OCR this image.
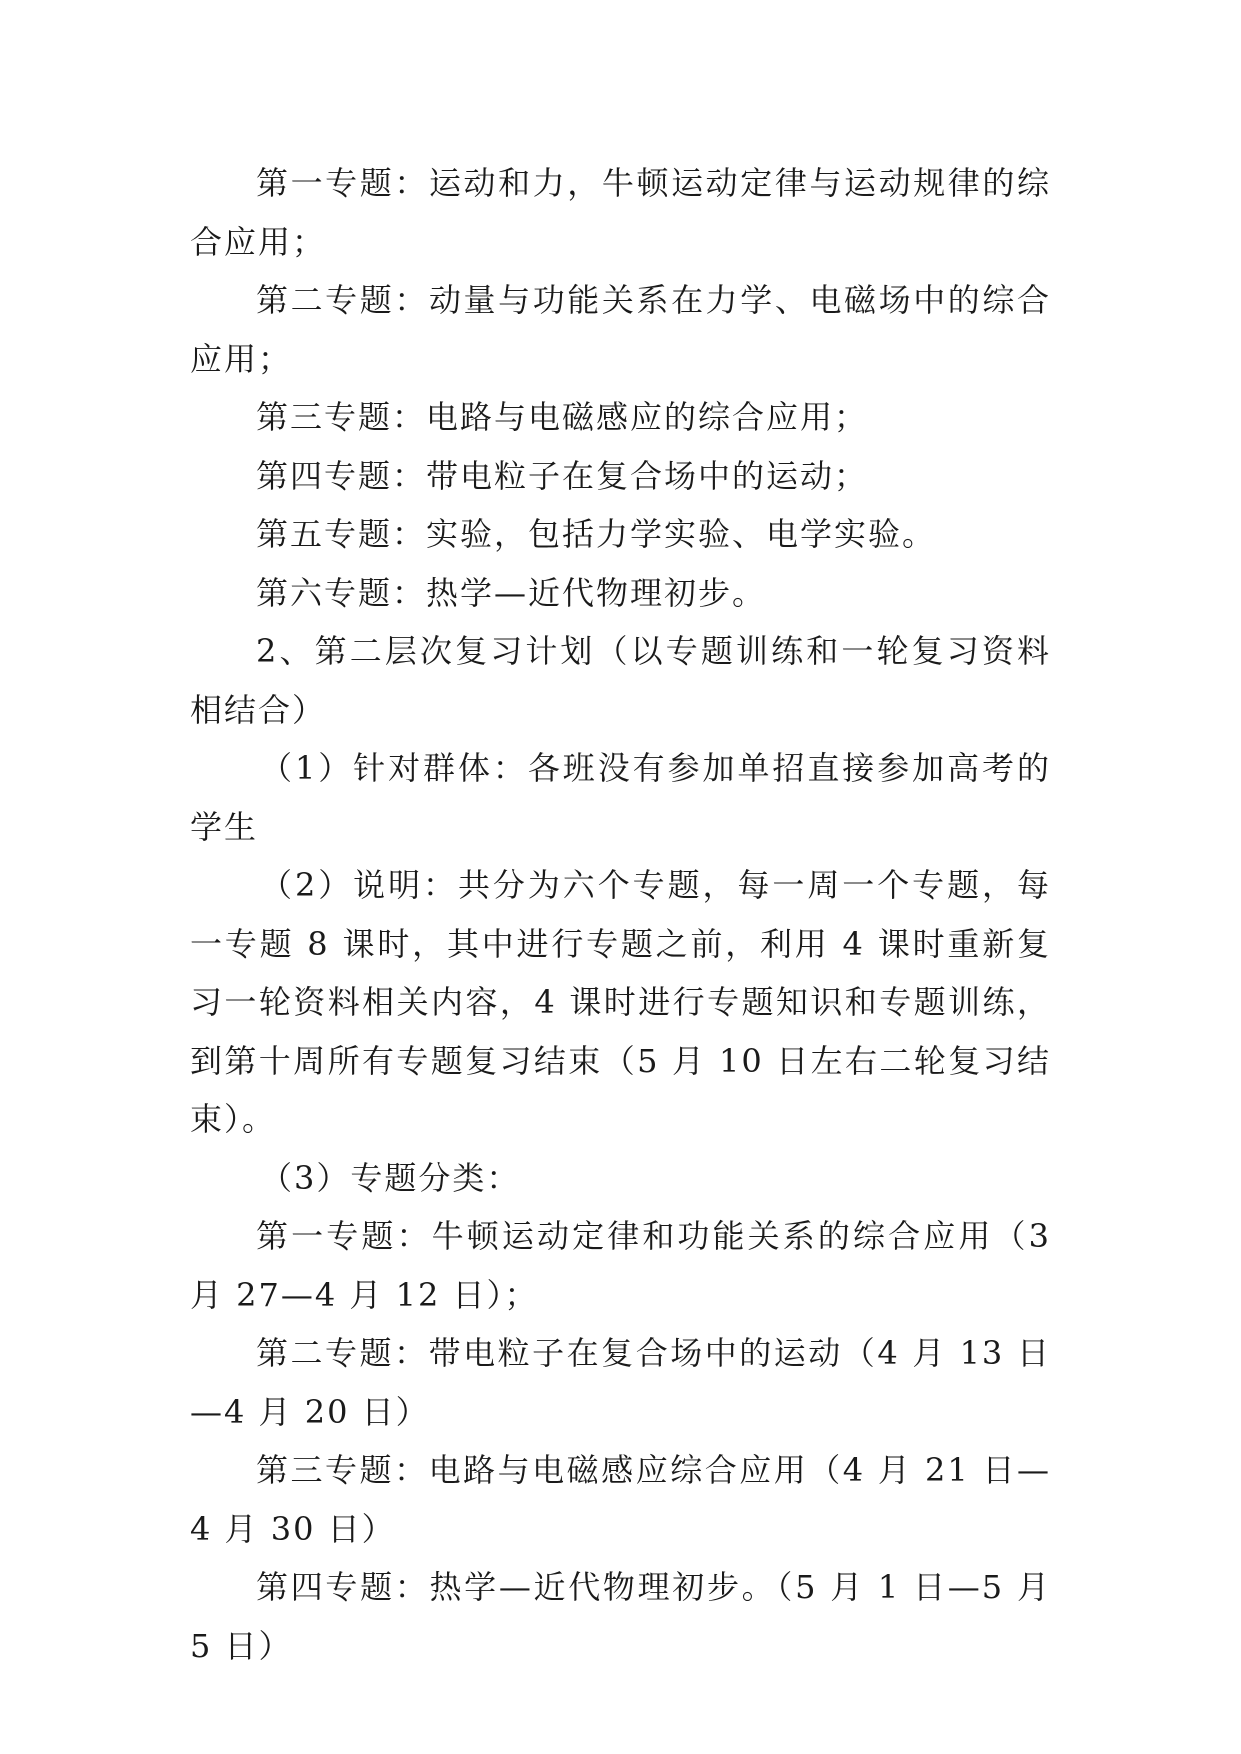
第一专题：运动和力，牛顿运动定律与运动规律的综合应用；

第二专题：动量与功能关系在力学、电磁场中的综合应用；

第三专题：电路与电磁感应的综合应用；

第四专题：带电粒子在复合场中的运动；

第五专题：实验，包括力学实验、电学实验。

第六专题：热学—近代物理初步。

2、第二层次复习计划（以专题训练和一轮复习资料相结合）

（1）针对群体：各班没有参加单招直接参加高考的学生

（2）说明：共分为六个专题，每一周一个专题，每一专题 8 课时，其中进行专题之前，利用 4 课时重新复习一轮资料相关内容，4 课时进行专题知识和专题训练，到第十周所有专题复习结束（5 月 10 日左右二轮复习结束）。

（3）专题分类：

第一专题：牛顿运动定律和功能关系的综合应用（3 月 27—4 月 12 日）；

第二专题：带电粒子在复合场中的运动（4 月 13 日—4 月 20 日）

第三专题：电路与电磁感应综合应用（4 月 21 日—4 月 30 日）

第四专题：热学—近代物理初步。（5 月 1 日—5 月 5 日）
